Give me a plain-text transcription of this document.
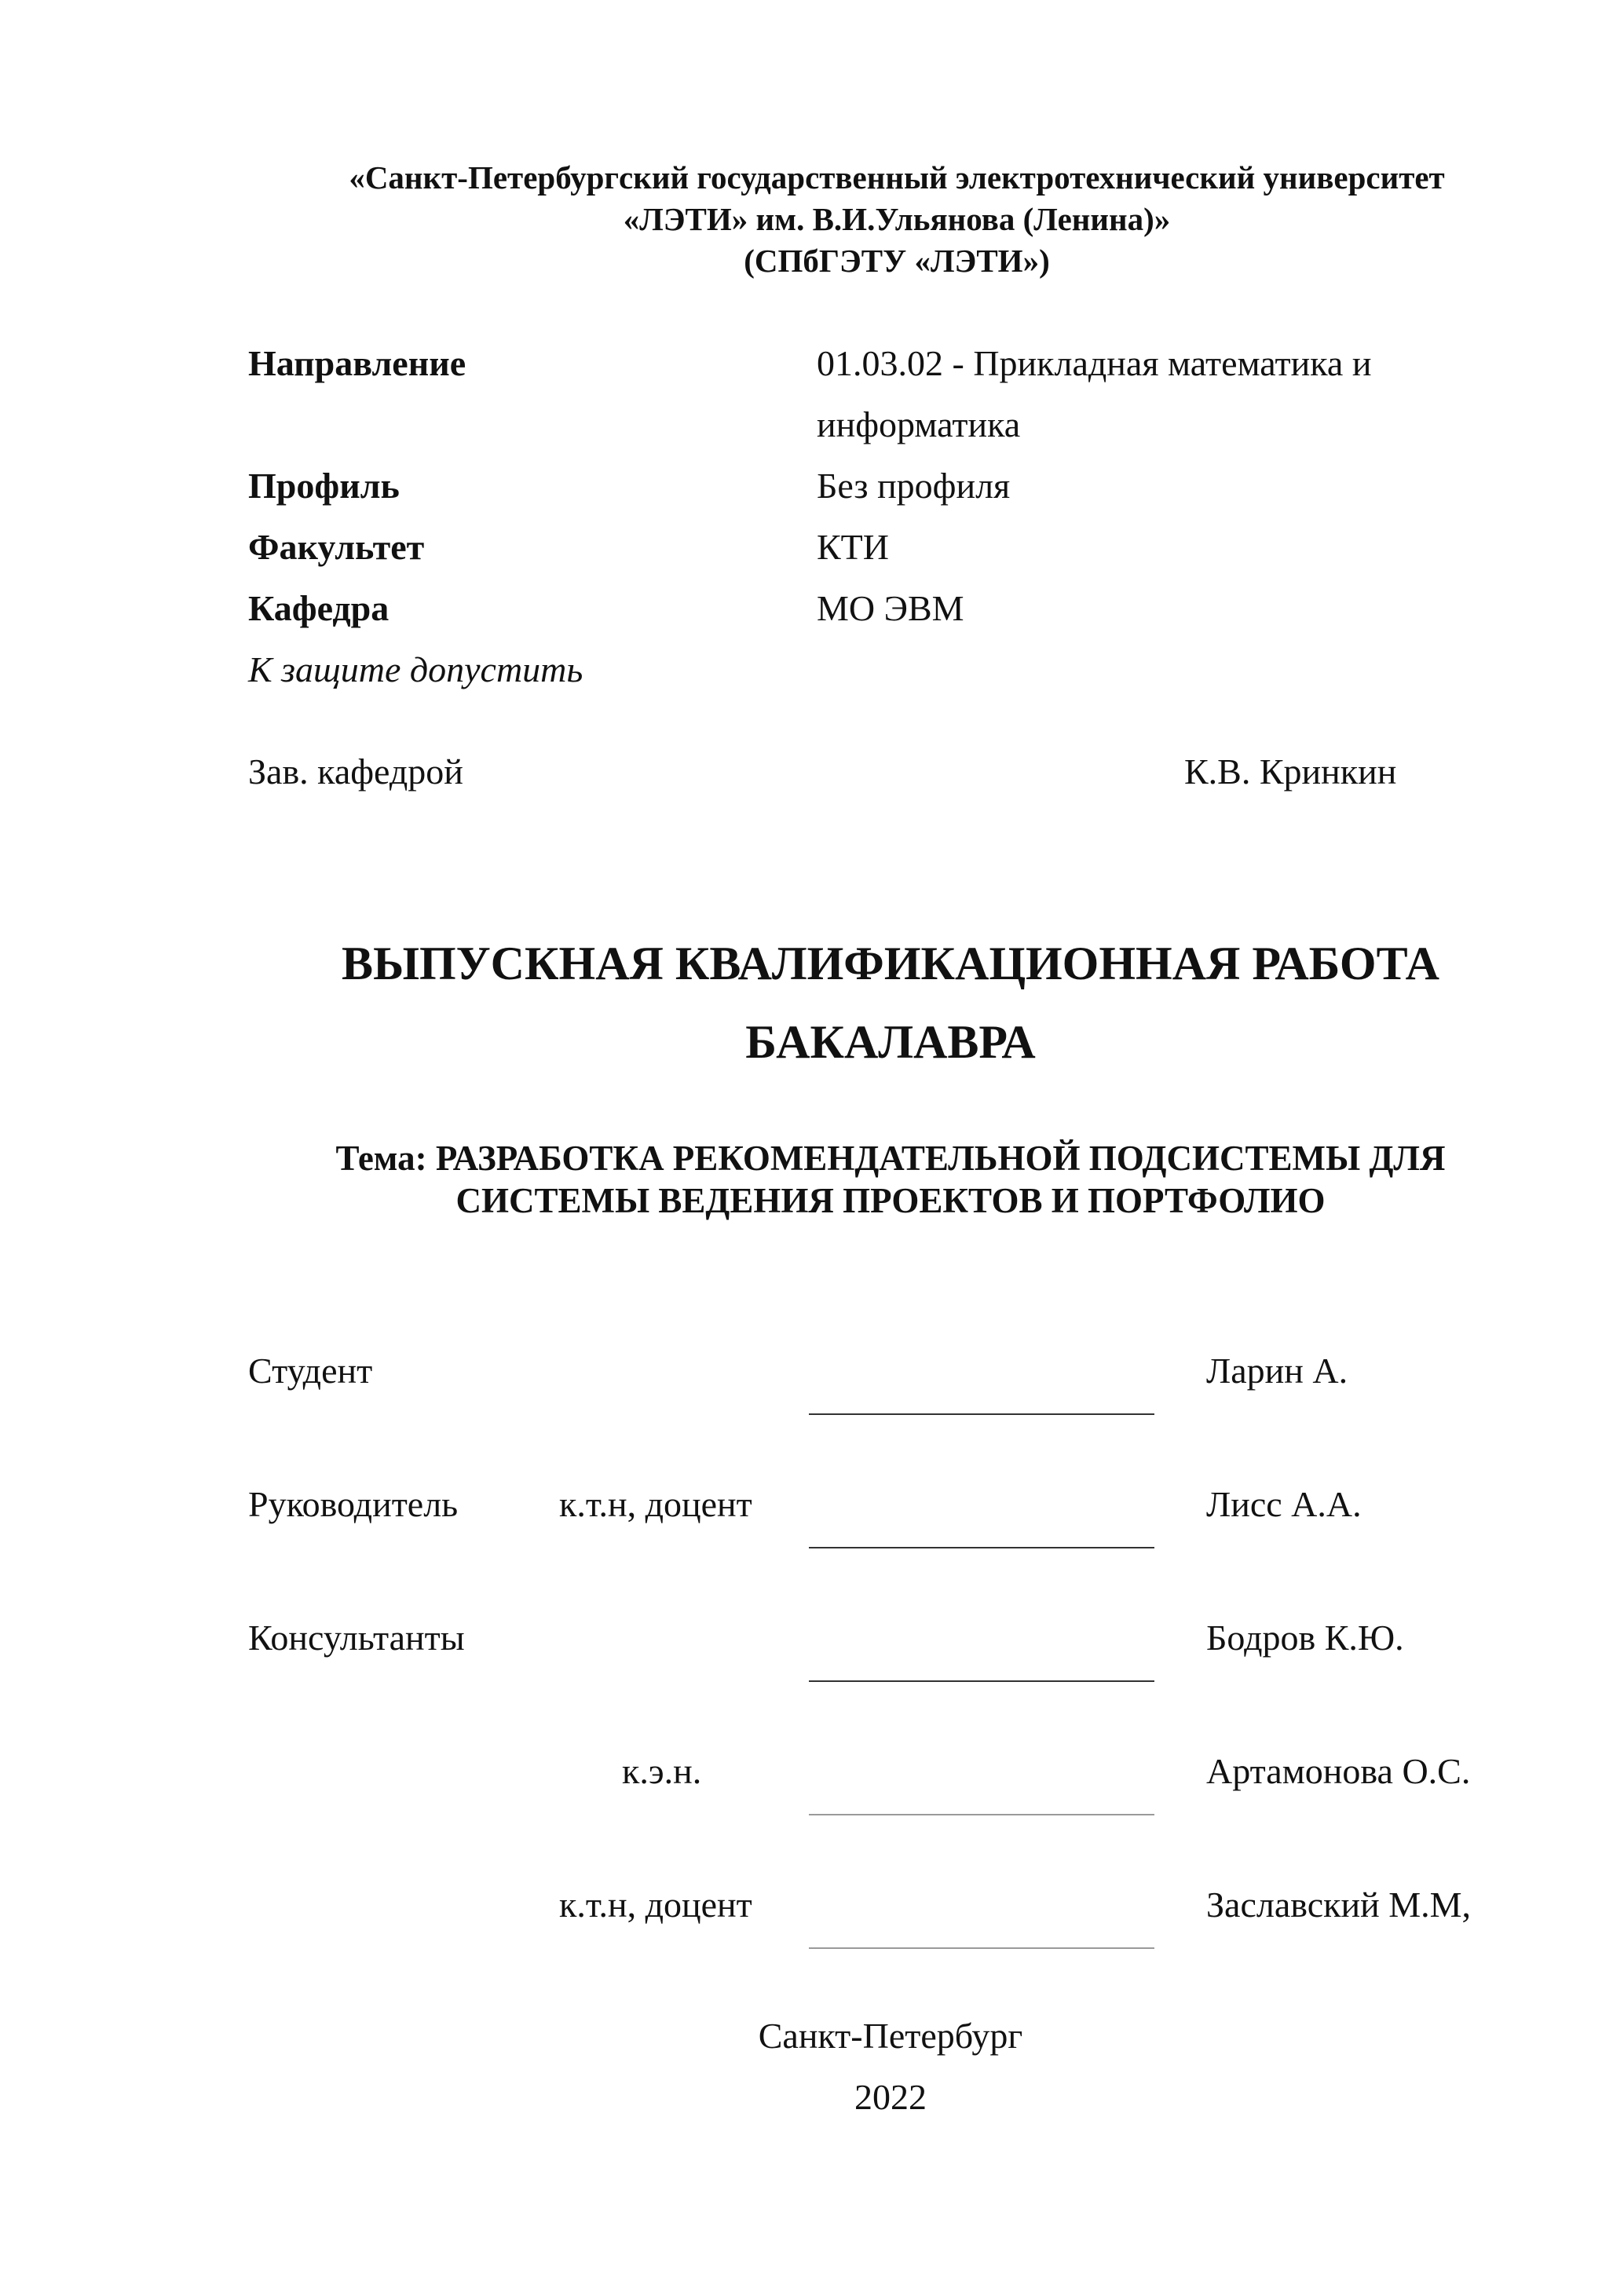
«Санкт-Петербургский государственный электротехнический университет
«ЛЭТИ» им. В.И.Ульянова (Ленина)»
(СПбГЭТУ «ЛЭТИ»)
Направление	01.03.02 - Прикладная математика и
информатика
Профиль	Без профиля
Факультет	КТИ
Кафедра	МО ЭВМ
К защите допустить
Зав. кафедрой	К.В. Кринкин
ВЫПУСКНАЯ КВАЛИФИКАЦИОННАЯ РАБОТА
БАКАЛАВРА
Тема: РАЗРАБОТКА РЕКОМЕНДАТЕЛЬНОЙ ПОДСИСТЕМЫ ДЛЯ
СИСТЕМЫ ВЕДЕНИЯ ПРОЕКТОВ И ПОРТФОЛИО
Студент	Ларин А.
Руководитель	к.т.н, доцент	Лисс А.А.
Консультанты	Бодров К.Ю.
к.э.н.	Артамонова О.С.
к.т.н, доцент	Заславский М.М,
Санкт-Петербург
2022
